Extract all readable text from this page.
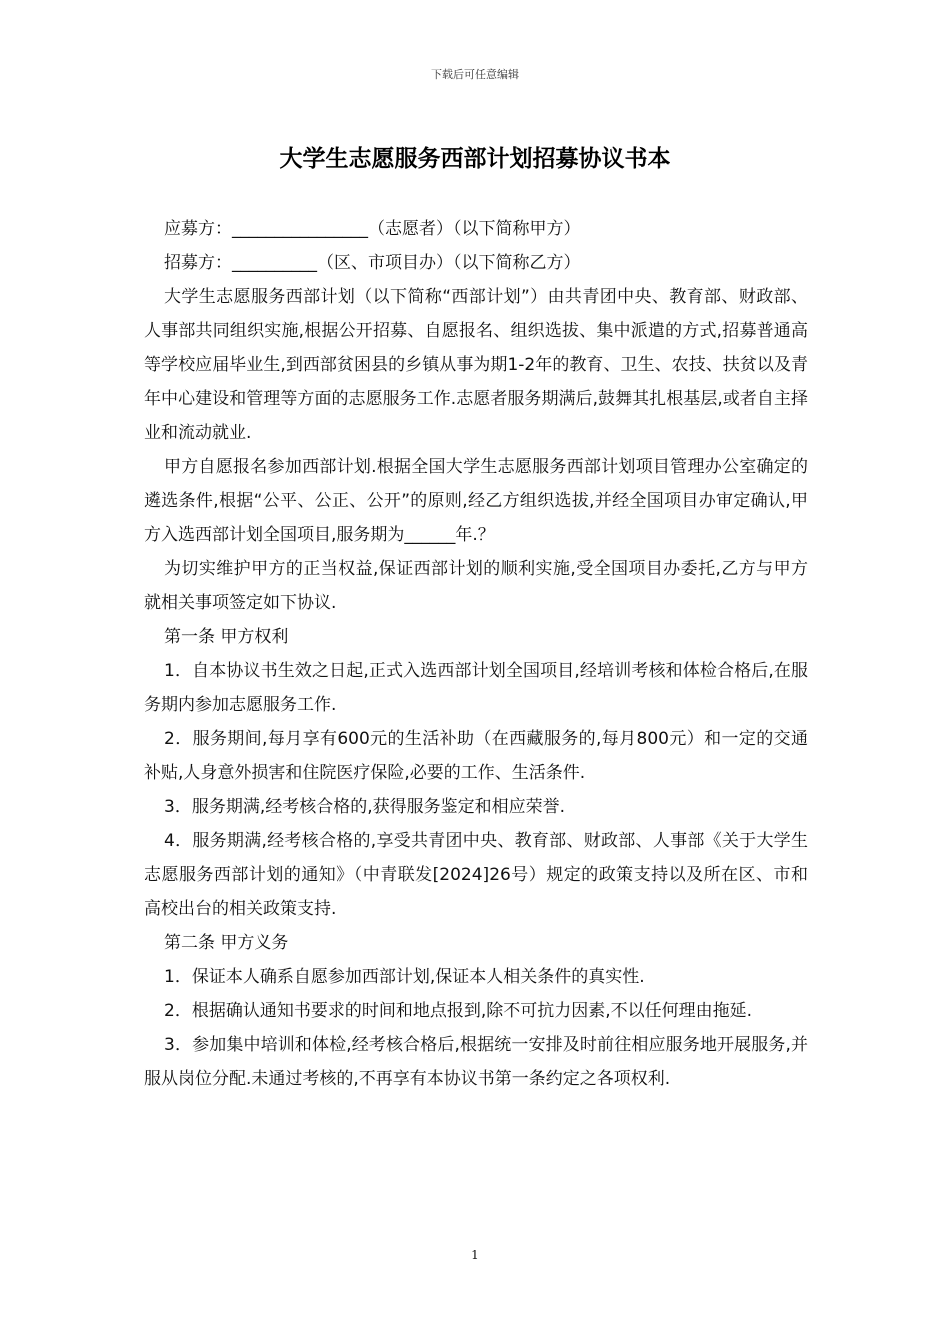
下载后可任意编辑
大学生志愿服务西部计划招募协议书本

应募方：________________（志愿者）（以下简称甲方）

招募方：__________（区、市项目办）（以下简称乙方）

大学生志愿服务西部计划（以下简称“西部计划”）由共青团中央、教育部、财政部、人事部共同组织实施,根据公开招募、自愿报名、组织选拔、集中派遣的方式,招募普通高等学校应届毕业生,到西部贫困县的乡镇从事为期1-2年的教育、卫生、农技、扶贫以及青年中心建设和管理等方面的志愿服务工作.志愿者服务期满后,鼓舞其扎根基层,或者自主择业和流动就业.

甲方自愿报名参加西部计划.根据全国大学生志愿服务西部计划项目管理办公室确定的遴选条件,根据“公平、公正、公开”的原则,经乙方组织选拔,并经全国项目办审定确认,甲方入选西部计划全国项目,服务期为______年.？

为切实维护甲方的正当权益,保证西部计划的顺利实施,受全国项目办委托,乙方与甲方就相关事项签定如下协议.

第一条 甲方权利

1．自本协议书生效之日起,正式入选西部计划全国项目,经培训考核和体检合格后,在服务期内参加志愿服务工作.

2．服务期间,每月享有600元的生活补助（在西藏服务的,每月800元）和一定的交通补贴,人身意外损害和住院医疗保险,必要的工作、生活条件.

3．服务期满,经考核合格的,获得服务鉴定和相应荣誉.

4．服务期满,经考核合格的,享受共青团中央、教育部、财政部、人事部《关于大学生志愿服务西部计划的通知》（中青联发[2024]26号）规定的政策支持以及所在区、市和高校出台的相关政策支持.

第二条 甲方义务

1．保证本人确系自愿参加西部计划,保证本人相关条件的真实性.

2．根据确认通知书要求的时间和地点报到,除不可抗力因素,不以任何理由拖延.

3．参加集中培训和体检,经考核合格后,根据统一安排及时前往相应服务地开展服务,并服从岗位分配.未通过考核的,不再享有本协议书第一条约定之各项权利.

1
